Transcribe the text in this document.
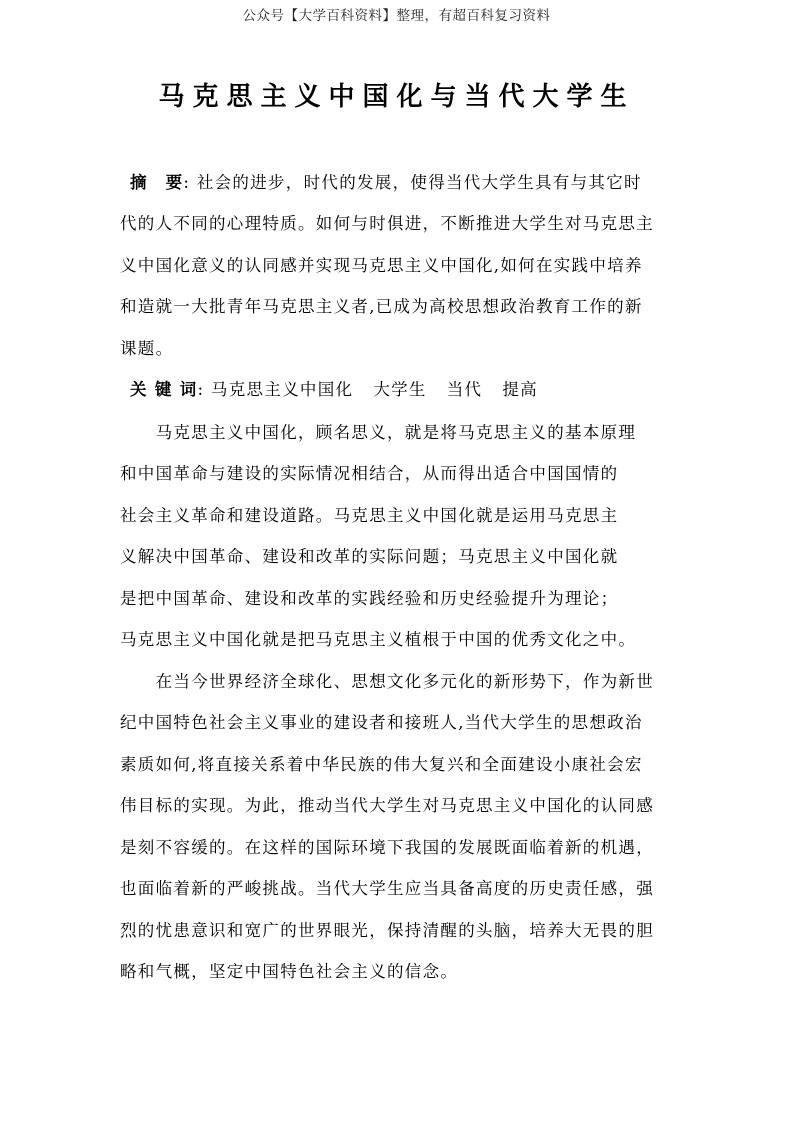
公众号【大学百科资料】整理，有超百科复习资料
马克思主义中国化与当代大学生
摘　要: 社会的进步，时代的发展，使得当代大学生具有与其它时
代的人不同的心理特质。如何与时俱进，不断推进大学生对马克思主
义中国化意义的认同感并实现马克思主义中国化,如何在实践中培养
和造就一大批青年马克思主义者,已成为高校思想政治教育工作的新
课题。
关 键 词: 马克思主义中国化 大学生 当代 提高
　　马克思主义中国化，顾名思义，就是将马克思主义的基本原理
和中国革命与建设的实际情况相结合，从而得出适合中国国情的
社会主义革命和建设道路。马克思主义中国化就是运用马克思主
义解决中国革命、建设和改革的实际问题；马克思主义中国化就
是把中国革命、建设和改革的实践经验和历史经验提升为理论；
马克思主义中国化就是把马克思主义植根于中国的优秀文化之中。
　　在当今世界经济全球化、思想文化多元化的新形势下，作为新世
纪中国特色社会主义事业的建设者和接班人,当代大学生的思想政治
素质如何,将直接关系着中华民族的伟大复兴和全面建设小康社会宏
伟目标的实现。为此，推动当代大学生对马克思主义中国化的认同感
是刻不容缓的。在这样的国际环境下我国的发展既面临着新的机遇，
也面临着新的严峻挑战。当代大学生应当具备高度的历史责任感，强
烈的忧患意识和宽广的世界眼光，保持清醒的头脑，培养大无畏的胆
略和气概，坚定中国特色社会主义的信念。
